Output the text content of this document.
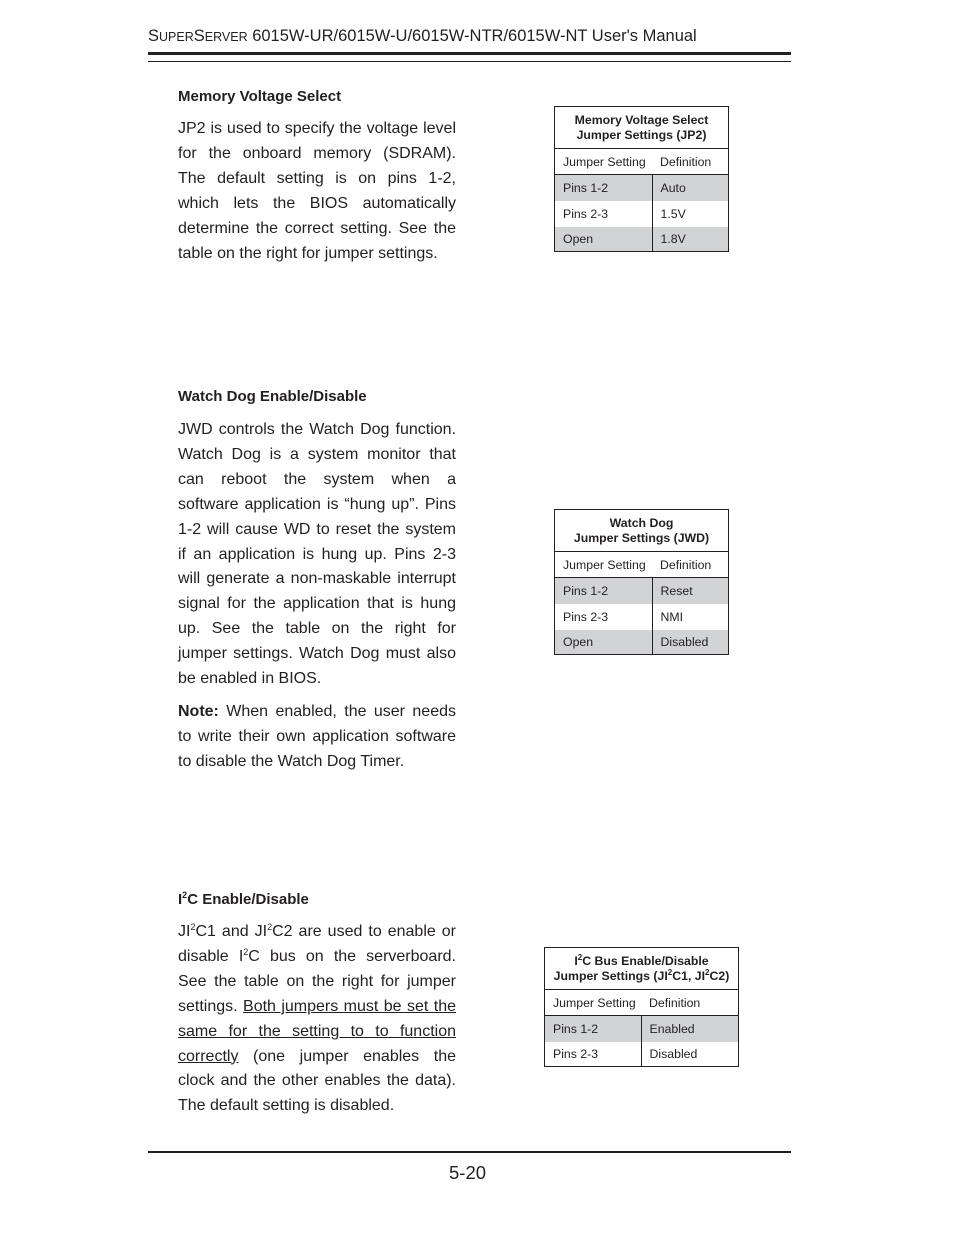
SUPERSERVER 6015W-UR/6015W-U/6015W-NTR/6015W-NT User's Manual
Memory Voltage Select
JP2 is used to specify the voltage level for the onboard memory (SDRAM). The default setting is on pins 1-2, which lets the BIOS automatically determine the correct setting. See the table on the right for jumper settings.
Memory Voltage Select
Jumper Settings (JP2)	
Jumper Setting	Definition
Pins 1-2	Auto
Pins 2-3	1.5V
Open	1.8V
Watch Dog Enable/Disable
JWD controls the Watch Dog function. Watch Dog is a system monitor that can reboot the system when a software application is “hung up”. Pins 1-2 will cause WD to reset the system if an application is hung up. Pins 2-3 will generate a non-maskable interrupt signal for the application that is hung up. See the table on the right for jumper settings. Watch Dog must also be enabled in BIOS.
Note: When enabled, the user needs to write their own application software to disable the Watch Dog Timer.
Watch Dog
Jumper Settings (JWD)	
Jumper Setting	Definition
Pins 1-2	Reset
Pins 2-3	NMI
Open	Disabled
$I^2C$ Enable/Disable
$JI^2C1$ and $JI^2C2$ are used to enable or disable $I^2C$ bus on the serverboard. See the table on the right for jumper settings. Both jumpers must be set the same for the setting to to function correctly (one jumper enables the clock and the other enables the data). The default setting is disabled.
$I^2C$ Bus Enable/Disable
Jumper Settings ($JI^2C1$, $JI^2C2$)	
Jumper Setting	Definition
Pins 1-2	Enabled
Pins 2-3	Disabled
5-20
